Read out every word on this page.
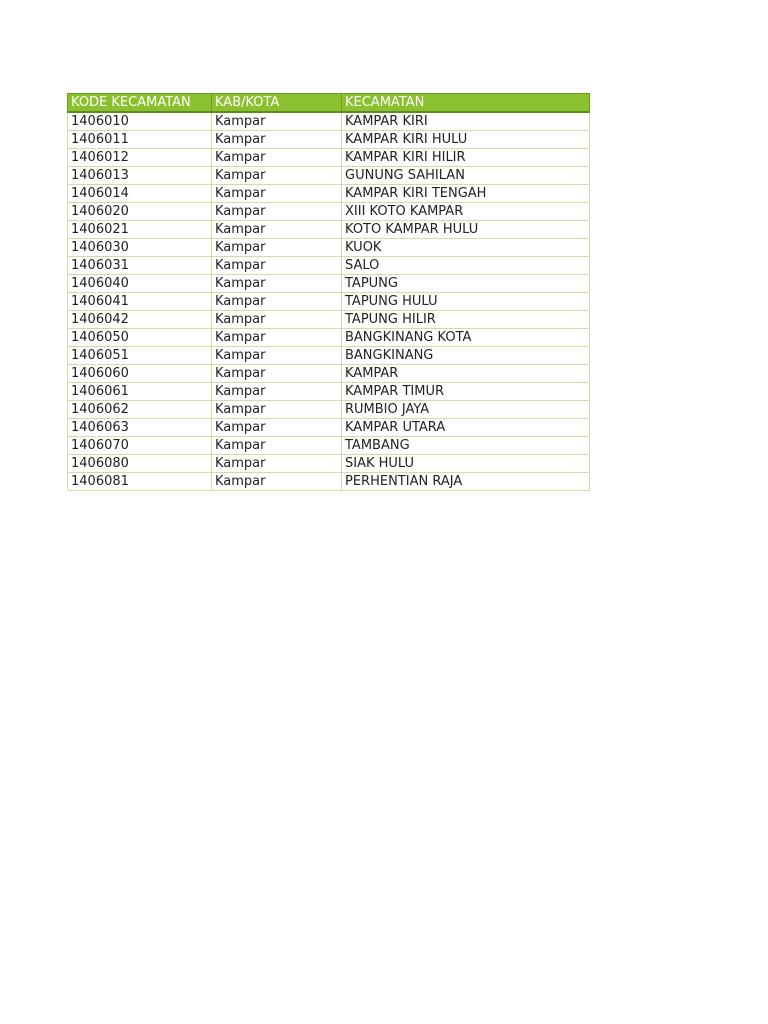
KODE KECAMATAN	KAB/KOTA	KECAMATAN
1406010	Kampar	KAMPAR KIRI
1406011	Kampar	KAMPAR KIRI HULU
1406012	Kampar	KAMPAR KIRI HILIR
1406013	Kampar	GUNUNG SAHILAN
1406014	Kampar	KAMPAR KIRI TENGAH
1406020	Kampar	XIII KOTO KAMPAR
1406021	Kampar	KOTO KAMPAR HULU
1406030	Kampar	KUOK
1406031	Kampar	SALO
1406040	Kampar	TAPUNG
1406041	Kampar	TAPUNG HULU
1406042	Kampar	TAPUNG HILIR
1406050	Kampar	BANGKINANG KOTA
1406051	Kampar	BANGKINANG
1406060	Kampar	KAMPAR
1406061	Kampar	KAMPAR TIMUR
1406062	Kampar	RUMBIO JAYA
1406063	Kampar	KAMPAR UTARA
1406070	Kampar	TAMBANG
1406080	Kampar	SIAK HULU
1406081	Kampar	PERHENTIAN RAJA
